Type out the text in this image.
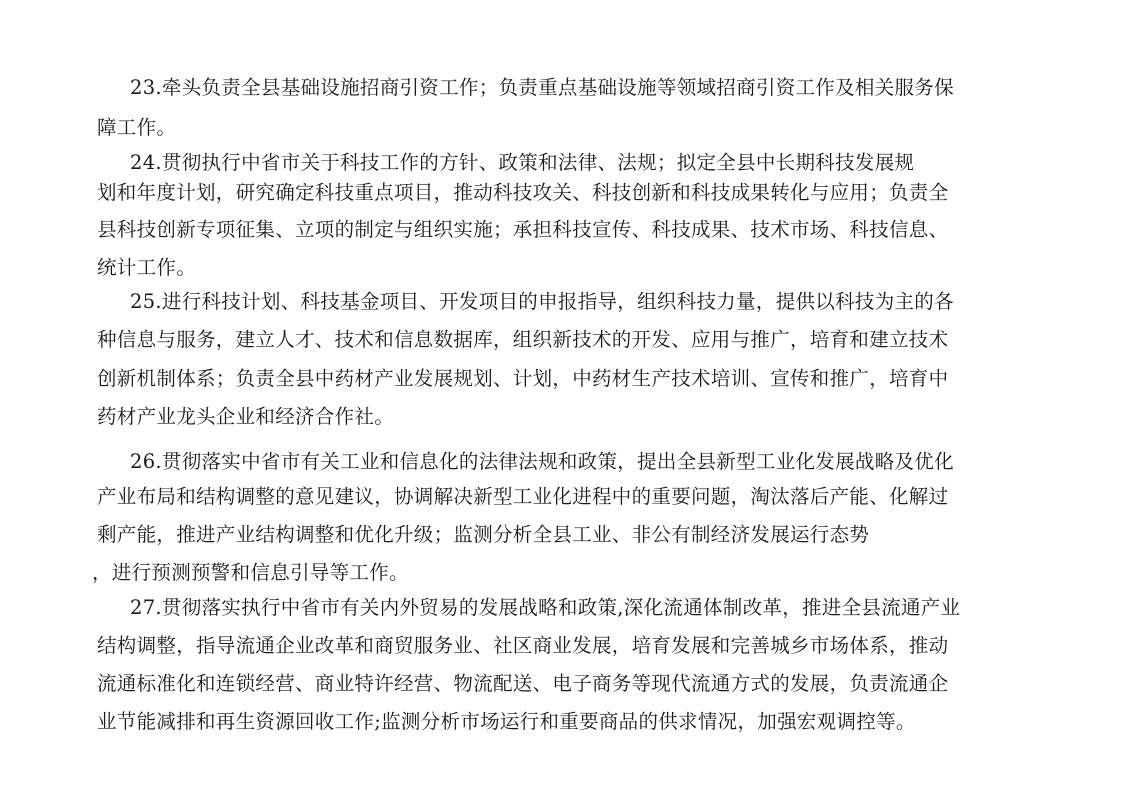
23.牵头负责全县基础设施招商引资工作；负责重点基础设施等领域招商引资工作及相关服务保
障工作。
24.贯彻执行中省市关于科技工作的方针、政策和法律、法规；拟定全县中长期科技发展规
划和年度计划，研究确定科技重点项目，推动科技攻关、科技创新和科技成果转化与应用；负责全
县科技创新专项征集、立项的制定与组织实施；承担科技宣传、科技成果、技术市场、科技信息、
统计工作。
25.进行科技计划、科技基金项目、开发项目的申报指导，组织科技力量，提供以科技为主的各
种信息与服务，建立人才、技术和信息数据库，组织新技术的开发、应用与推广，培育和建立技术
创新机制体系；负责全县中药材产业发展规划、计划，中药材生产技术培训、宣传和推广，培育中
药材产业龙头企业和经济合作社。
26.贯彻落实中省市有关工业和信息化的法律法规和政策，提出全县新型工业化发展战略及优化
产业布局和结构调整的意见建议，协调解决新型工业化进程中的重要问题，淘汰落后产能、化解过
剩产能，推进产业结构调整和优化升级；监测分析全县工业、非公有制经济发展运行态势
，进行预测预警和信息引导等工作。
27.贯彻落实执行中省市有关内外贸易的发展战略和政策,深化流通体制改革，推进全县流通产业
结构调整，指导流通企业改革和商贸服务业、社区商业发展，培育发展和完善城乡市场体系，推动
流通标准化和连锁经营、商业特许经营、物流配送、电子商务等现代流通方式的发展，负责流通企
业节能减排和再生资源回收工作;监测分析市场运行和重要商品的供求情况，加强宏观调控等。
